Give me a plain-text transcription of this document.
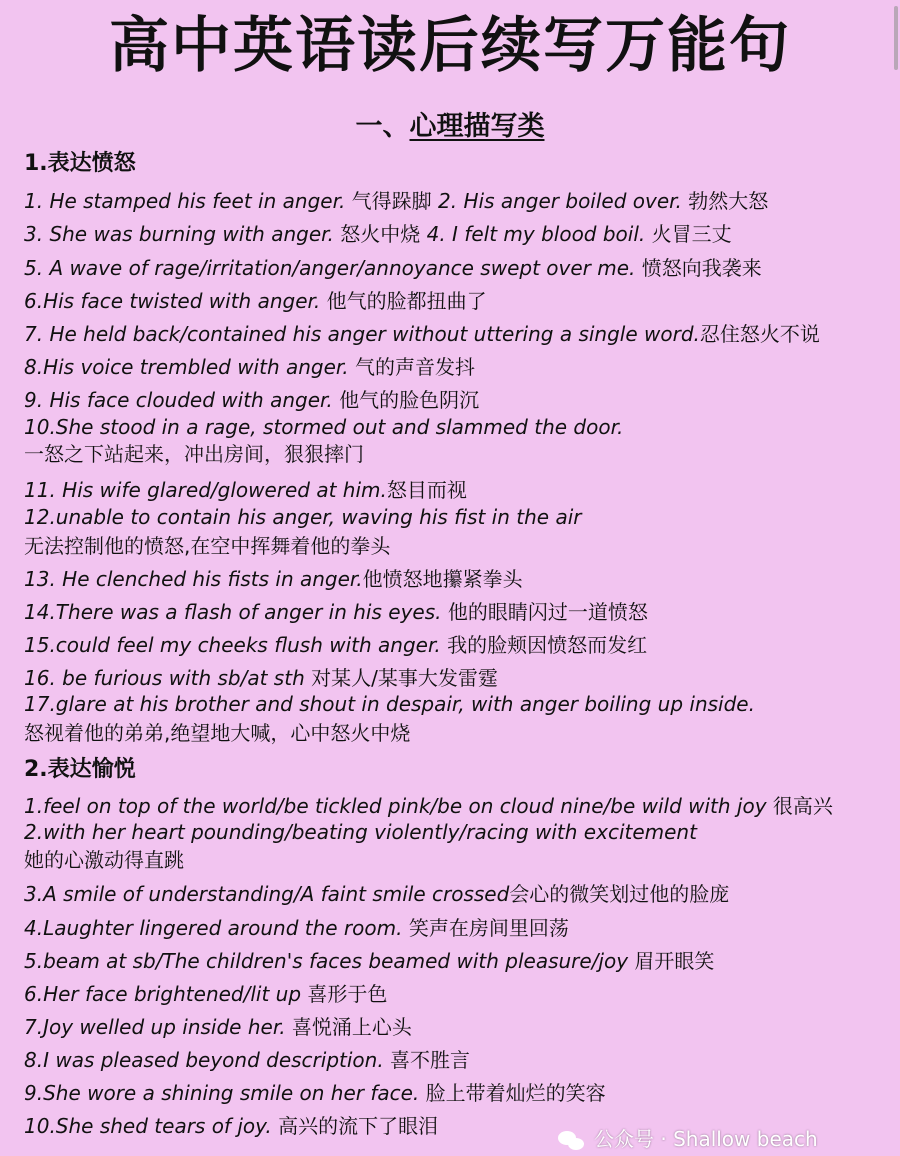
高中英语读后续写万能句
一、心理描写类
1.表达愤怒
1. He stamped his feet in anger. 气得跺脚 2. His anger boiled over. 勃然大怒
3. She was burning with anger. 怒火中烧 4. I felt my blood boil. 火冒三丈
5. A wave of rage/irritation/anger/annoyance swept over me. 愤怒向我袭来
6.His face twisted with anger. 他气的脸都扭曲了
7. He held back/contained his anger without uttering a single word.忍住怒火不说
8.His voice trembled with anger. 气的声音发抖
9. His face clouded with anger. 他气的脸色阴沉
10.She stood in a rage, stormed out and slammed the door.
一怒之下站起来，冲出房间，狠狠摔门
11. His wife glared/glowered at him.怒目而视
12.unable to contain his anger, waving his fist in the air
无法控制他的愤怒,在空中挥舞着他的拳头
13. He clenched his fists in anger.他愤怒地攥紧拳头
14.There was a flash of anger in his eyes. 他的眼睛闪过一道愤怒
15.could feel my cheeks flush with anger. 我的脸颊因愤怒而发红
16. be furious with sb/at sth 对某人/某事大发雷霆
17.glare at his brother and shout in despair, with anger boiling up inside.
怒视着他的弟弟,绝望地大喊，心中怒火中烧
2.表达愉悦
1.feel on top of the world/be tickled pink/be on cloud nine/be wild with joy 很高兴
2.with her heart pounding/beating violently/racing with excitement
她的心激动得直跳
3.A smile of understanding/A faint smile crossed会心的微笑划过他的脸庞
4.Laughter lingered around the room. 笑声在房间里回荡
5.beam at sb/The children's faces beamed with pleasure/joy 眉开眼笑
6.Her face brightened/lit up 喜形于色
7.Joy welled up inside her. 喜悦涌上心头
8.I was pleased beyond description. 喜不胜言
9.She wore a shining smile on her face. 脸上带着灿烂的笑容
10.She shed tears of joy. 高兴的流下了眼泪
公众号 · Shallow beach
